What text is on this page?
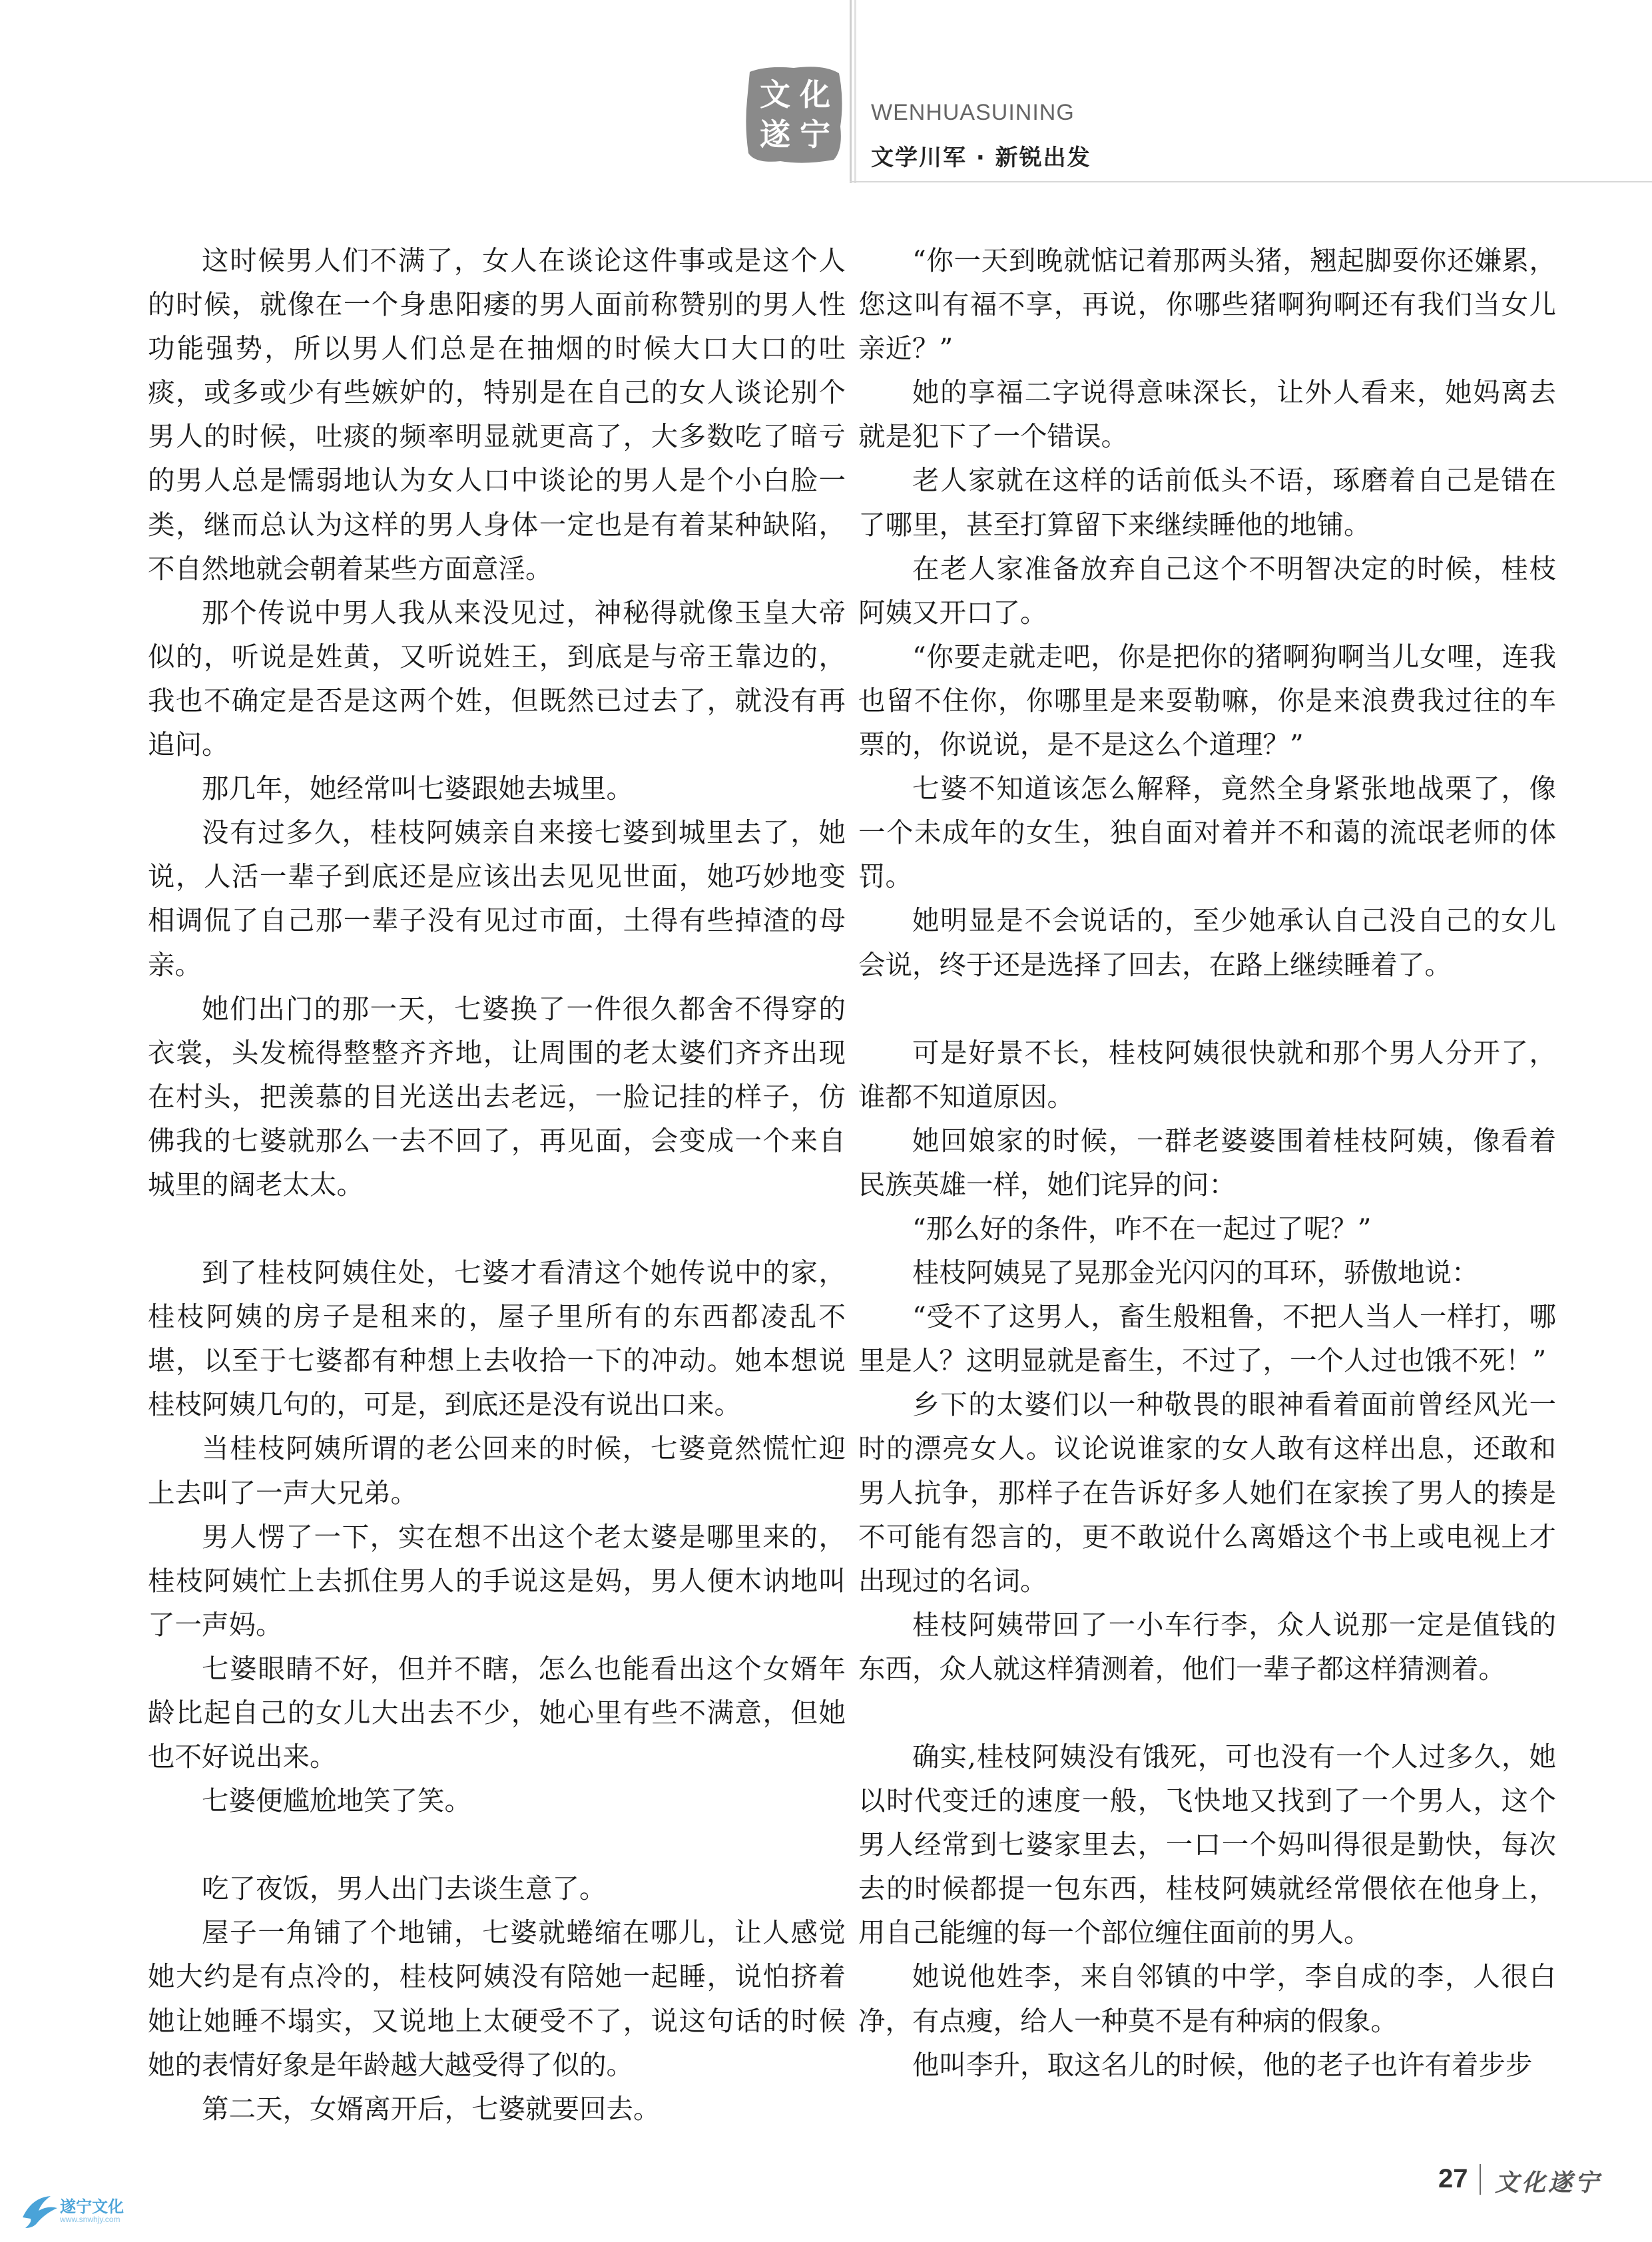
文 化
遂 宁
WENHUASUINING
文学川军 · 新锐出发

这时候男人们不满了，女人在谈论这件事或是这个人的时候，就像在一个身患阳痿的男人面前称赞别的男人性功能强势，所以男人们总是在抽烟的时候大口大口的吐痰，或多或少有些嫉妒的，特别是在自己的女人谈论别个男人的时候，吐痰的频率明显就更高了，大多数吃了暗亏的男人总是懦弱地认为女人口中谈论的男人是个小白脸一类，继而总认为这样的男人身体一定也是有着某种缺陷，不自然地就会朝着某些方面意淫。

那个传说中男人我从来没见过，神秘得就像玉皇大帝似的，听说是姓黄，又听说姓王，到底是与帝王靠边的，我也不确定是否是这两个姓，但既然已过去了，就没有再追问。

那几年，她经常叫七婆跟她去城里。

没有过多久，桂枝阿姨亲自来接七婆到城里去了，她说，人活一辈子到底还是应该出去见见世面，她巧妙地变相调侃了自己那一辈子没有见过市面，土得有些掉渣的母亲。

她们出门的那一天，七婆换了一件很久都舍不得穿的衣裳，头发梳得整整齐齐地，让周围的老太婆们齐齐出现在村头，把羡慕的目光送出去老远，一脸记挂的样子，仿佛我的七婆就那么一去不回了，再见面，会变成一个来自城里的阔老太太。

到了桂枝阿姨住处，七婆才看清这个她传说中的家，桂枝阿姨的房子是租来的，屋子里所有的东西都凌乱不堪，以至于七婆都有种想上去收拾一下的冲动。她本想说桂枝阿姨几句的，可是，到底还是没有说出口来。

当桂枝阿姨所谓的老公回来的时候，七婆竟然慌忙迎上去叫了一声大兄弟。

男人愣了一下，实在想不出这个老太婆是哪里来的，桂枝阿姨忙上去抓住男人的手说这是妈，男人便木讷地叫了一声妈。

七婆眼睛不好，但并不瞎，怎么也能看出这个女婿年龄比起自己的女儿大出去不少，她心里有些不满意，但她也不好说出来。

七婆便尴尬地笑了笑。

吃了夜饭，男人出门去谈生意了。

屋子一角铺了个地铺，七婆就蜷缩在哪儿，让人感觉她大约是有点冷的，桂枝阿姨没有陪她一起睡，说怕挤着她让她睡不塌实，又说地上太硬受不了，说这句话的时候她的表情好象是年龄越大越受得了似的。

第二天，女婿离开后，七婆就要回去。

“你一天到晚就惦记着那两头猪，翘起脚耍你还嫌累，您这叫有福不享，再说，你哪些猪啊狗啊还有我们当女儿亲近？”

她的享福二字说得意味深长，让外人看来，她妈离去就是犯下了一个错误。

老人家就在这样的话前低头不语，琢磨着自己是错在了哪里，甚至打算留下来继续睡他的地铺。

在老人家准备放弃自己这个不明智决定的时候，桂枝阿姨又开口了。

“你要走就走吧，你是把你的猪啊狗啊当儿女哩，连我也留不住你，你哪里是来耍勒嘛，你是来浪费我过往的车票的，你说说，是不是这么个道理？”

七婆不知道该怎么解释，竟然全身紧张地战栗了，像一个未成年的女生，独自面对着并不和蔼的流氓老师的体罚。

她明显是不会说话的，至少她承认自己没自己的女儿会说，终于还是选择了回去，在路上继续睡着了。

可是好景不长，桂枝阿姨很快就和那个男人分开了，谁都不知道原因。

她回娘家的时候，一群老婆婆围着桂枝阿姨，像看着民族英雄一样，她们诧异的问：

“那么好的条件，咋不在一起过了呢？”

桂枝阿姨晃了晃那金光闪闪的耳环，骄傲地说：

“受不了这男人，畜生般粗鲁，不把人当人一样打，哪里是人？这明显就是畜生，不过了，一个人过也饿不死！”

乡下的太婆们以一种敬畏的眼神看着面前曾经风光一时的漂亮女人。议论说谁家的女人敢有这样出息，还敢和男人抗争，那样子在告诉好多人她们在家挨了男人的揍是不可能有怨言的，更不敢说什么离婚这个书上或电视上才出现过的名词。

桂枝阿姨带回了一小车行李，众人说那一定是值钱的东西，众人就这样猜测着，他们一辈子都这样猜测着。

确实,桂枝阿姨没有饿死，可也没有一个人过多久，她以时代变迁的速度一般，飞快地又找到了一个男人，这个男人经常到七婆家里去，一口一个妈叫得很是勤快，每次去的时候都提一包东西，桂枝阿姨就经常偎依在他身上，用自己能缠的每一个部位缠住面前的男人。

她说他姓李，来自邻镇的中学，李自成的李，人很白净，有点瘦，给人一种莫不是有种病的假象。

他叫李升，取这名儿的时候，他的老子也许有着步步

27 文化遂宁
遂宁文化
www.snwhjy.com
